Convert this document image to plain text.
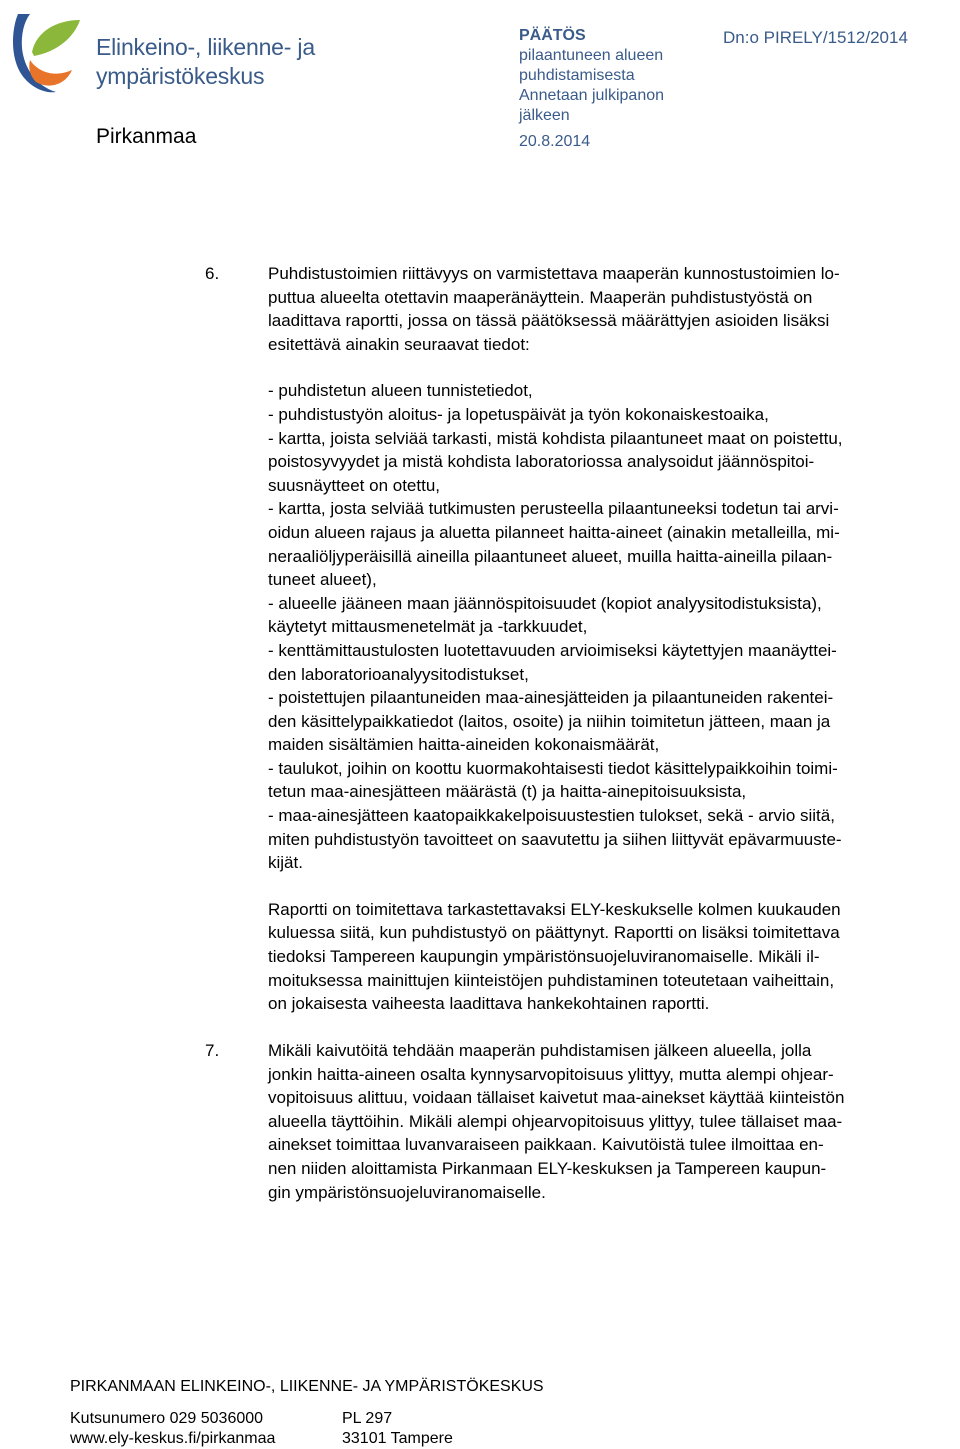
Elinkeino-, liikenne- ja
ympäristökeskus
Pirkanmaa
PÄÄTÖS
pilaantuneen alueen
puhdistamisesta
Annetaan julkipanon
jälkeen
20.8.2014
Dn:o PIRELY/1512/2014
6.	Puhdistustoimien riittävyys on varmistettava maaperän kunnostustoimien lo-
puttua alueelta otettavin maaperänäyttein. Maaperän puhdistustyöstä on
laadittava raportti, jossa on tässä päätöksessä määrättyjen asioiden lisäksi
esitettävä ainakin seuraavat tiedot:
- puhdistetun alueen tunnistetiedot,
- puhdistustyön aloitus- ja lopetuspäivät ja työn kokonaiskestoaika,
- kartta, joista selviää tarkasti, mistä kohdista pilaantuneet maat on poistettu,
poistosyvyydet ja mistä kohdista laboratoriossa analysoidut jäännöspitoi-
suusnäytteet on otettu,
- kartta, josta selviää tutkimusten perusteella pilaantuneeksi todetun tai arvi-
oidun alueen rajaus ja aluetta pilanneet haitta-aineet (ainakin metalleilla, mi-
neraaliöljyperäisillä aineilla pilaantuneet alueet, muilla haitta-aineilla pilaan-
tuneet alueet),
- alueelle jääneen maan jäännöspitoisuudet (kopiot analyysitodistuksista),
käytetyt mittausmenetelmät ja -tarkkuudet,
- kenttämittaustulosten luotettavuuden arvioimiseksi käytettyjen maanäyttei-
den laboratorioanalyysitodistukset,
- poistettujen pilaantuneiden maa-ainesjätteiden ja pilaantuneiden rakentei-
den käsittelypaikkatiedot (laitos, osoite) ja niihin toimitetun jätteen, maan ja
maiden sisältämien haitta-aineiden kokonaismäärät,
- taulukot, joihin on koottu kuormakohtaisesti tiedot käsittelypaikkoihin toimi-
tetun maa-ainesjätteen määrästä (t) ja haitta-ainepitoisuuksista,
- maa-ainesjätteen kaatopaikkakelpoisuustestien tulokset, sekä - arvio siitä,
miten puhdistustyön tavoitteet on saavutettu ja siihen liittyvät epävarmuuste-
kijät.
Raportti on toimitettava tarkastettavaksi ELY-keskukselle kolmen kuukauden
kuluessa siitä, kun puhdistustyö on päättynyt. Raportti on lisäksi toimitettava
tiedoksi Tampereen kaupungin ympäristönsuojeluviranomaiselle. Mikäli il-
moituksessa mainittujen kiinteistöjen puhdistaminen toteutetaan vaiheittain,
on jokaisesta vaiheesta laadittava hankekohtainen raportti.
7.	Mikäli kaivutöitä tehdään maaperän puhdistamisen jälkeen alueella, jolla
jonkin haitta-aineen osalta kynnysarvopitoisuus ylittyy, mutta alempi ohjear-
vopitoisuus alittuu, voidaan tällaiset kaivetut maa-ainekset käyttää kiinteistön
alueella täyttöihin. Mikäli alempi ohjearvopitoisuus ylittyy, tulee tällaiset maa-
ainekset toimittaa luvanvaraiseen paikkaan. Kaivutöistä tulee ilmoittaa en-
nen niiden aloittamista Pirkanmaan ELY-keskuksen ja Tampereen kaupun-
gin ympäristönsuojeluviranomaiselle.
PIRKANMAAN ELINKEINO-, LIIKENNE- JA YMPÄRISTÖKESKUS
Kutsunumero 029 5036000	PL 297
www.ely-keskus.fi/pirkanmaa	33101 Tampere
